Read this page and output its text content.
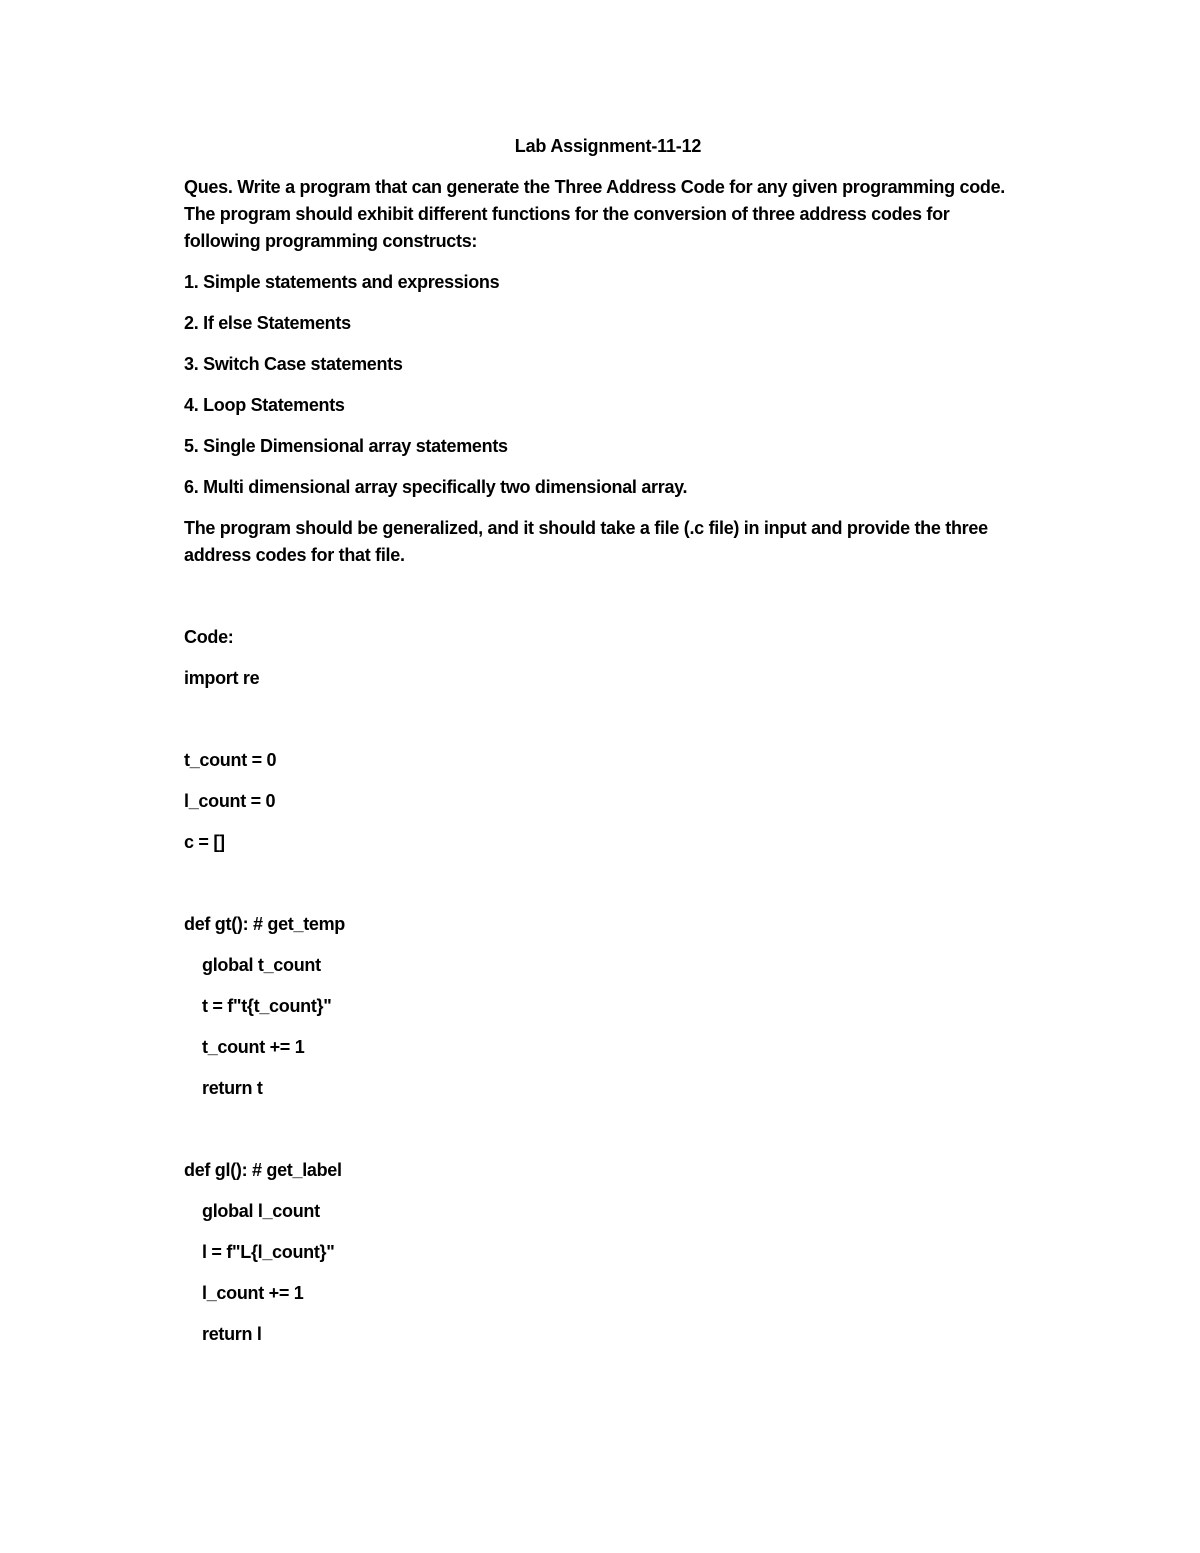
Lab Assignment-11-12

Ques. Write a program that can generate the Three Address Code for any given programming code. The program should exhibit different functions for the conversion of three address codes for following programming constructs:

1. Simple statements and expressions

2. If else Statements

3. Switch Case statements

4. Loop Statements

5. Single Dimensional array statements

6. Multi dimensional array specifically two dimensional array.

The program should be generalized, and it should take a file (.c file) in input and provide the three address codes for that file.

Code:

import re

t_count = 0

l_count = 0

c = []

def gt(): # get_temp

global t_count

t = f"t{t_count}"

t_count += 1

return t

def gl(): # get_label

global l_count

l = f"L{l_count}"

l_count += 1

return l
